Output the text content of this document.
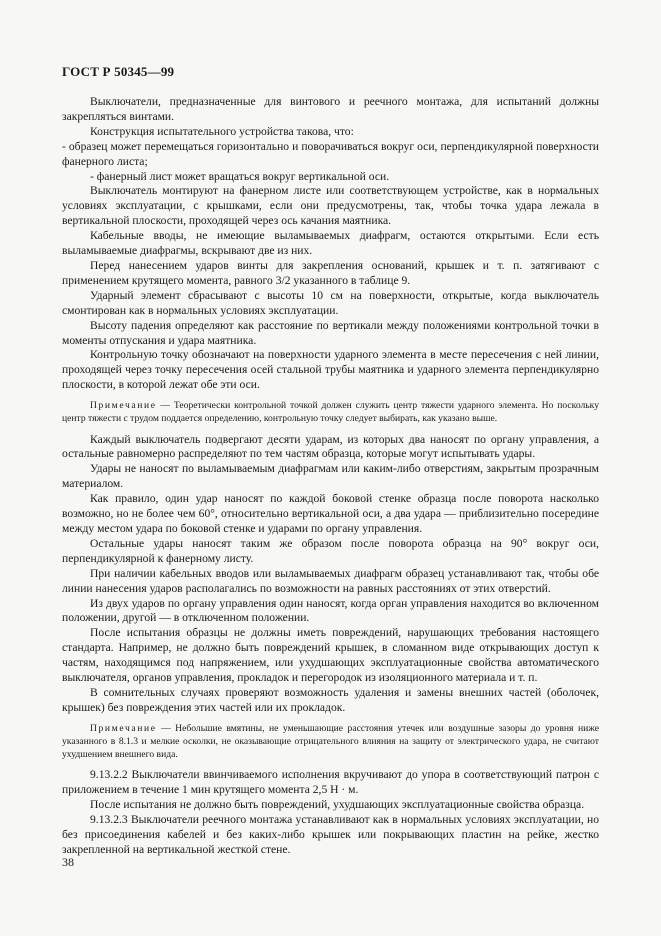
ГОСТ Р 50345—99

Выключатели, предназначенные для винтового и реечного монтажа, для испытаний должны закрепляться винтами.

Конструкция испытательного устройства такова, что:

- образец может перемещаться горизонтально и поворачиваться вокруг оси, перпендикулярной поверхности фанерного листа;

- фанерный лист может вращаться вокруг вертикальной оси.

Выключатель монтируют на фанерном листе или соответствующем устройстве, как в нормальных условиях эксплуатации, с крышками, если они предусмотрены, так, чтобы точка удара лежала в вертикальной плоскости, проходящей через ось качания маятника.

Кабельные вводы, не имеющие выламываемых диафрагм, остаются открытыми. Если есть выламываемые диафрагмы, вскрывают две из них.

Перед нанесением ударов винты для закрепления оснований, крышек и т. п. затягивают с применением крутящего момента, равного 3/2 указанного в таблице 9.

Ударный элемент сбрасывают с высоты 10 см на поверхности, открытые, когда выключатель смонтирован как в нормальных условиях эксплуатации.

Высоту падения определяют как расстояние по вертикали между положениями контрольной точки в моменты отпускания и удара маятника.

Контрольную точку обозначают на поверхности ударного элемента в месте пересечения с ней линии, проходящей через точку пересечения осей стальной трубы маятника и ударного элемента перпендикулярно плоскости, в которой лежат обе эти оси.

Примечание — Теоретически контрольной точкой должен служить центр тяжести ударного элемента. Но поскольку центр тяжести с трудом поддается определению, контрольную точку следует выбирать, как указано выше.

Каждый выключатель подвергают десяти ударам, из которых два наносят по органу управления, а остальные равномерно распределяют по тем частям образца, которые могут испытывать удары.

Удары не наносят по выламываемым диафрагмам или каким-либо отверстиям, закрытым прозрачным материалом.

Как правило, один удар наносят по каждой боковой стенке образца после поворота насколько возможно, но не более чем 60°, относительно вертикальной оси, а два удара — приблизительно посередине между местом удара по боковой стенке и ударами по органу управления.

Остальные удары наносят таким же образом после поворота образца на 90° вокруг оси, перпендикулярной к фанерному листу.

При наличии кабельных вводов или выламываемых диафрагм образец устанавливают так, чтобы обе линии нанесения ударов располагались по возможности на равных расстояниях от этих отверстий.

Из двух ударов по органу управления один наносят, когда орган управления находится во включенном положении, другой — в отключенном положении.

После испытания образцы не должны иметь повреждений, нарушающих требования настоящего стандарта. Например, не должно быть повреждений крышек, в сломанном виде открывающих доступ к частям, находящимся под напряжением, или ухудшающих эксплуатационные свойства автоматического выключателя, органов управления, прокладок и перегородок из изоляционного материала и т. п.

В сомнительных случаях проверяют возможность удаления и замены внешних частей (оболочек, крышек) без повреждения этих частей или их прокладок.

Примечание — Небольшие вмятины, не уменьшающие расстояния утечек или воздушные зазоры до уровня ниже указанного в 8.1.3 и мелкие осколки, не оказывающие отрицательного влияния на защиту от электрического удара, не считают ухудшением внешнего вида.

9.13.2.2 Выключатели ввинчиваемого исполнения вкручивают до упора в соответствующий патрон с приложением в течение 1 мин крутящего момента 2,5 Н · м.

После испытания не должно быть повреждений, ухудшающих эксплуатационные свойства образца.

9.13.2.3 Выключатели реечного монтажа устанавливают как в нормальных условиях эксплуатации, но без присоединения кабелей и без каких-либо крышек или покрывающих пластин на рейке, жестко закрепленной на вертикальной жесткой стене.

38
